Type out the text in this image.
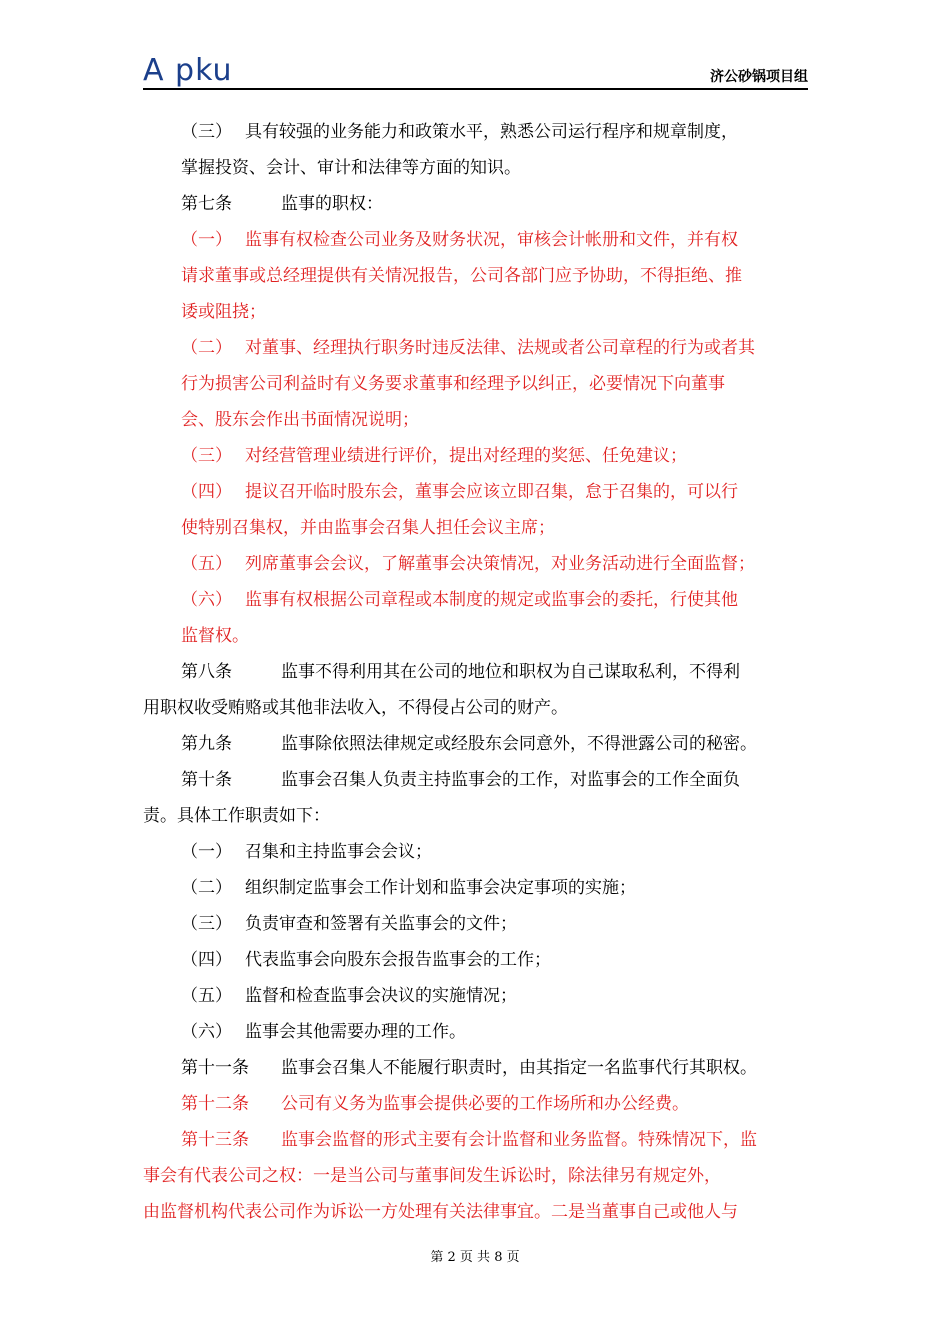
A pku	济公砂锅项目组
（三） 具有较强的业务能力和政策水平，熟悉公司运行程序和规章制度，
掌握投资、会计、审计和法律等方面的知识。
第七条	监事的职权：
（一） 监事有权检查公司业务及财务状况，审核会计帐册和文件，并有权
请求董事或总经理提供有关情况报告，公司各部门应予协助，不得拒绝、推
诿或阻挠；
（二） 对董事、经理执行职务时违反法律、法规或者公司章程的行为或者其
行为损害公司利益时有义务要求董事和经理予以纠正，必要情况下向董事
会、股东会作出书面情况说明；
（三） 对经营管理业绩进行评价，提出对经理的奖惩、任免建议；
（四） 提议召开临时股东会，董事会应该立即召集，怠于召集的，可以行
使特别召集权，并由监事会召集人担任会议主席；
（五） 列席董事会会议，了解董事会决策情况，对业务活动进行全面监督；
（六） 监事有权根据公司章程或本制度的规定或监事会的委托，行使其他
监督权。
第八条	监事不得利用其在公司的地位和职权为自己谋取私利，不得利
用职权收受贿赂或其他非法收入，不得侵占公司的财产。
第九条	监事除依照法律规定或经股东会同意外，不得泄露公司的秘密。
第十条	监事会召集人负责主持监事会的工作，对监事会的工作全面负
责。具体工作职责如下：
（一） 召集和主持监事会会议；
（二） 组织制定监事会工作计划和监事会决定事项的实施；
（三） 负责审查和签署有关监事会的文件；
（四） 代表监事会向股东会报告监事会的工作；
（五） 监督和检查监事会决议的实施情况；
（六） 监事会其他需要办理的工作。
第十一条 监事会召集人不能履行职责时，由其指定一名监事代行其职权。
第十二条 公司有义务为监事会提供必要的工作场所和办公经费。
第十三条 监事会监督的形式主要有会计监督和业务监督。特殊情况下，监
事会有代表公司之权：一是当公司与董事间发生诉讼时，除法律另有规定外，
由监督机构代表公司作为诉讼一方处理有关法律事宜。二是当董事自己或他人与
第 2 页 共 8 页
